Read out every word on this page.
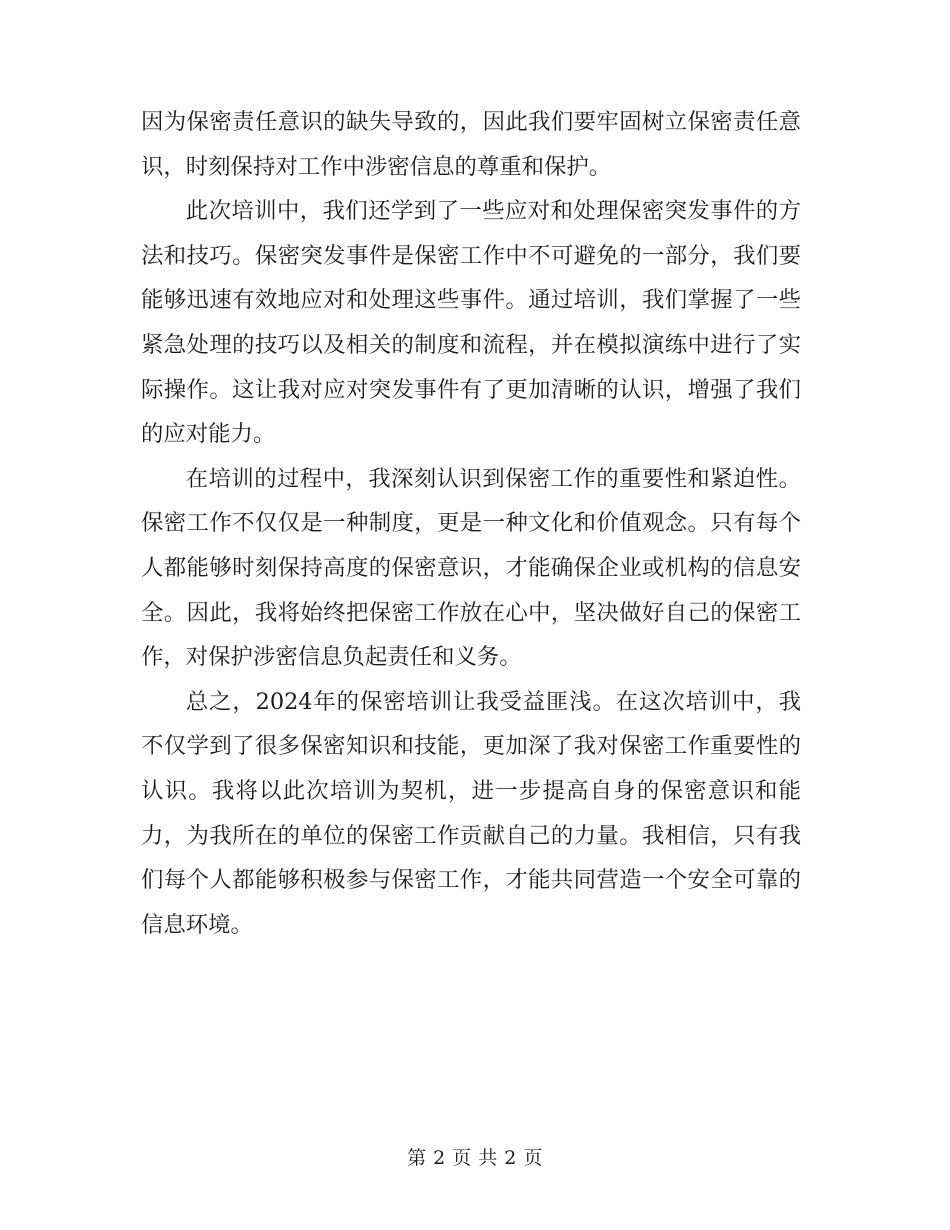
因为保密责任意识的缺失导致的，因此我们要牢固树立保密责任意识，时刻保持对工作中涉密信息的尊重和保护。

此次培训中，我们还学到了一些应对和处理保密突发事件的方法和技巧。保密突发事件是保密工作中不可避免的一部分，我们要能够迅速有效地应对和处理这些事件。通过培训，我们掌握了一些紧急处理的技巧以及相关的制度和流程，并在模拟演练中进行了实际操作。这让我对应对突发事件有了更加清晰的认识，增强了我们的应对能力。

在培训的过程中，我深刻认识到保密工作的重要性和紧迫性。保密工作不仅仅是一种制度，更是一种文化和价值观念。只有每个人都能够时刻保持高度的保密意识，才能确保企业或机构的信息安全。因此，我将始终把保密工作放在心中，坚决做好自己的保密工作，对保护涉密信息负起责任和义务。

总之，2024年的保密培训让我受益匪浅。在这次培训中，我不仅学到了很多保密知识和技能，更加深了我对保密工作重要性的认识。我将以此次培训为契机，进一步提高自身的保密意识和能力，为我所在的单位的保密工作贡献自己的力量。我相信，只有我们每个人都能够积极参与保密工作，才能共同营造一个安全可靠的信息环境。

第 2 页 共 2 页
